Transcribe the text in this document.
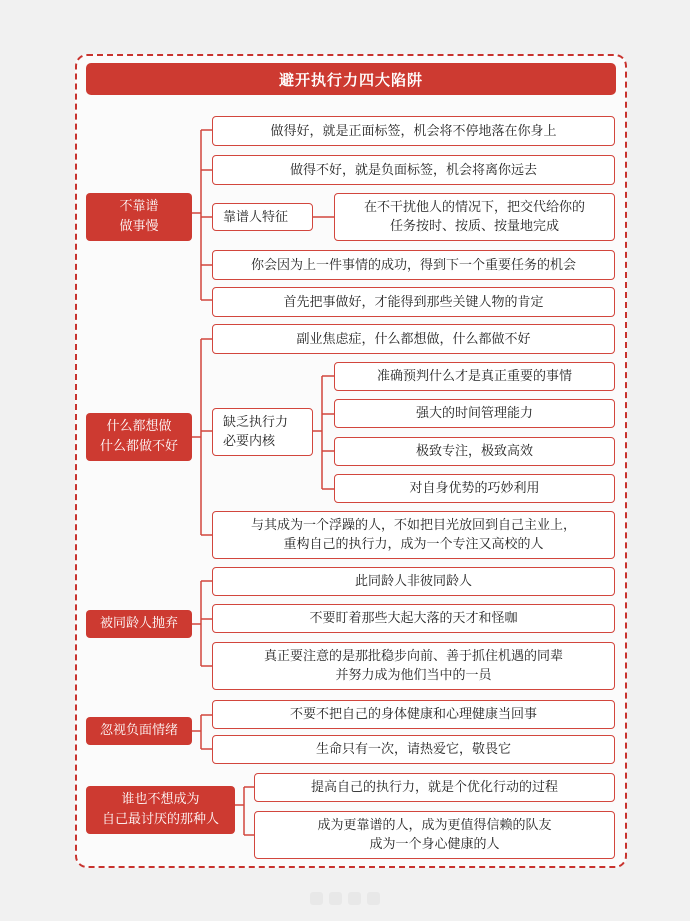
避开执行力四大陷阱
不靠谱
做事慢
做得好，就是正面标签，机会将不停地落在你身上
做得不好，就是负面标签，机会将离你远去
靠谱人特征
在不干扰他人的情况下，把交代给你的
任务按时、按质、按量地完成
你会因为上一件事情的成功，得到下一个重要任务的机会
首先把事做好，才能得到那些关键人物的肯定
什么都想做
什么都做不好
副业焦虑症，什么都想做，什么都做不好
缺乏执行力
必要内核
准确预判什么才是真正重要的事情
强大的时间管理能力
极致专注，极致高效
对自身优势的巧妙利用
与其成为一个浮躁的人，不如把目光放回到自己主业上，
重构自己的执行力，成为一个专注又高校的人
被同龄人抛弃
此同龄人非彼同龄人
不要盯着那些大起大落的天才和怪咖
真正要注意的是那批稳步向前、善于抓住机遇的同辈
并努力成为他们当中的一员
忽视负面情绪
不要不把自己的身体健康和心理健康当回事
生命只有一次，请热爱它，敬畏它
谁也不想成为
自己最讨厌的那种人
提高自己的执行力，就是个优化行动的过程
成为更靠谱的人，成为更值得信赖的队友
成为一个身心健康的人
